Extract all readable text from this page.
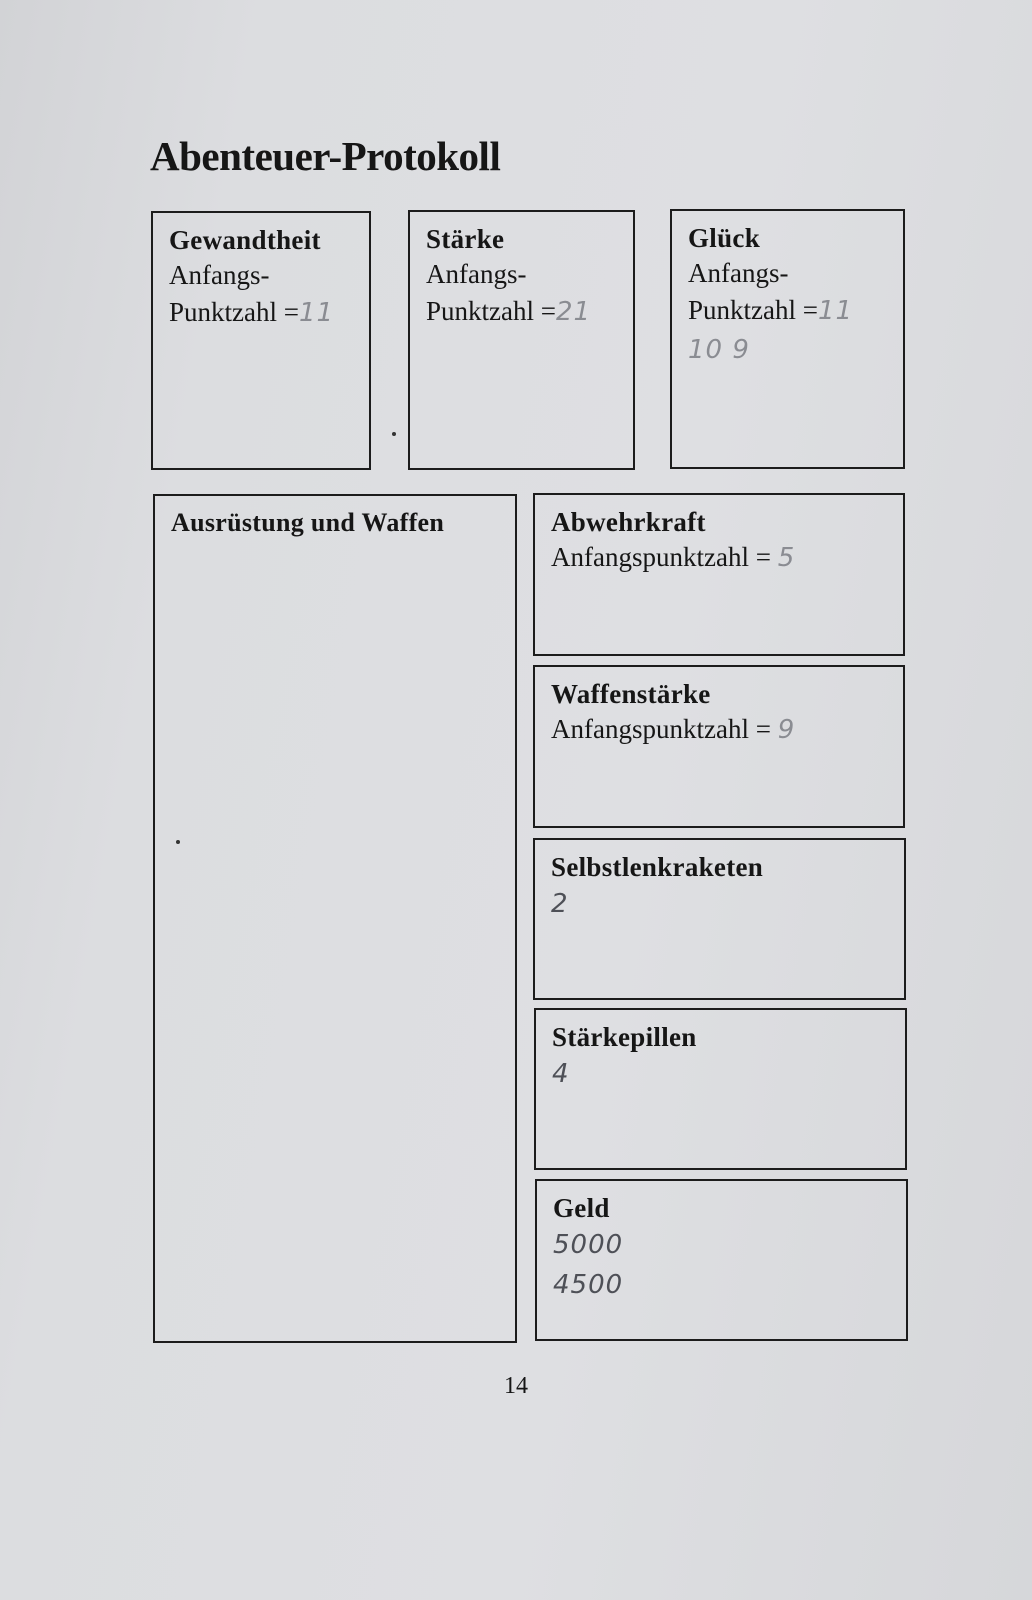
Abenteuer-Protokoll
Gewandtheit
Anfangs-
Punktzahl =11
Stärke
Anfangs-
Punktzahl =21
Glück
Anfangs-
Punktzahl =11
10 9
Ausrüstung und Waffen	Abwehrkraft
Anfangspunktzahl = 5
Waffenstärke
Anfangspunktzahl = 9
Selbstlenkraketen
2
Stärkepillen
4
Geld
5000
4500
14
